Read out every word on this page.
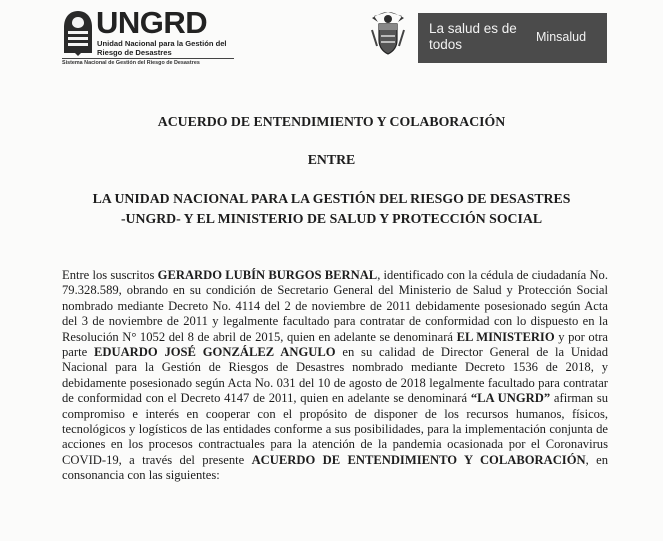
UNGRD
Unidad Nacional para la Gestión del Riesgo de Desastres
Sistema Nacional de Gestión del Riesgo de Desastres
La salud es de todos	Minsalud
ACUERDO DE ENTENDIMIENTO Y COLABORACIÓN
ENTRE
LA UNIDAD NACIONAL PARA LA GESTIÓN DEL RIESGO DE DESASTRES
-UNGRD- Y EL MINISTERIO DE SALUD Y PROTECCIÓN SOCIAL
Entre los suscritos GERARDO LUBÍN BURGOS BERNAL, identificado con la cédula de ciudadanía No. 79.328.589, obrando en su condición de Secretario General del Ministerio de Salud y Protección Social nombrado mediante Decreto No. 4114 del 2 de noviembre de 2011 debidamente posesionado según Acta del 3 de noviembre de 2011 y legalmente facultado para contratar de conformidad con lo dispuesto en la Resolución N° 1052 del 8 de abril de 2015, quien en adelante se denominará EL MINISTERIO y por otra parte EDUARDO JOSÉ GONZÁLEZ ANGULO en su calidad de Director General de la Unidad Nacional para la Gestión de Riesgos de Desastres nombrado mediante Decreto 1536 de 2018, y debidamente posesionado según Acta No. 031 del 10 de agosto de 2018 legalmente facultado para contratar de conformidad con el Decreto 4147 de 2011, quien en adelante se denominará “LA UNGRD” afirman su compromiso e interés en cooperar con el propósito de disponer de los recursos humanos, físicos, tecnológicos y logísticos de las entidades conforme a sus posibilidades, para la implementación conjunta de acciones en los procesos contractuales para la atención de la pandemia ocasionada por el Coronavirus COVID-19, a través del presente ACUERDO DE ENTENDIMIENTO Y COLABORACIÓN, en consonancia con las siguientes:
